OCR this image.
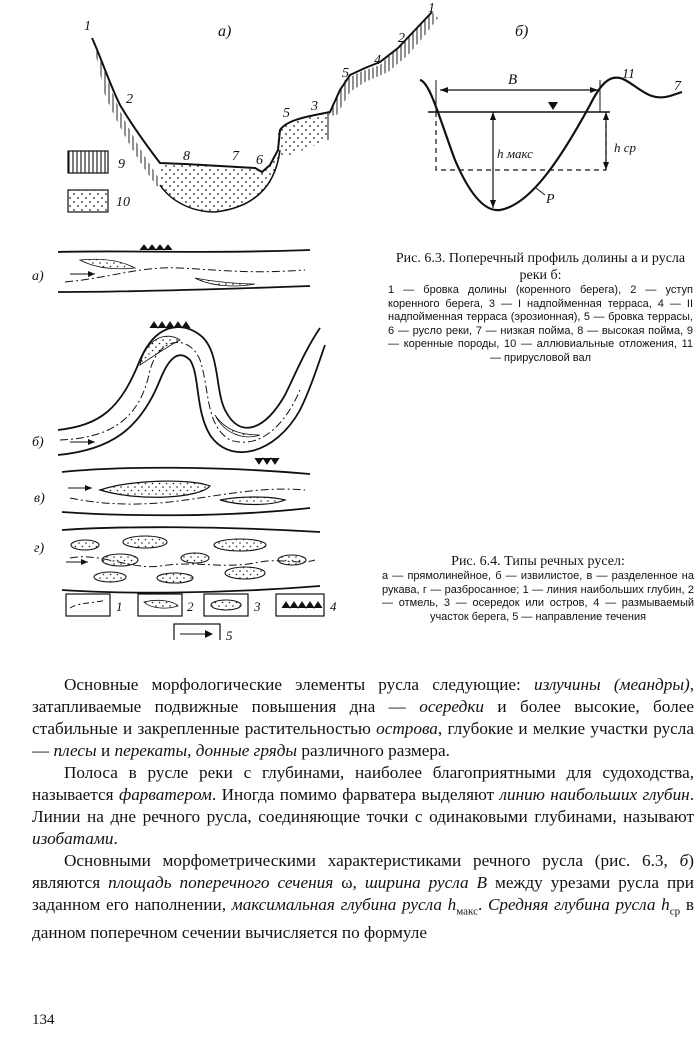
а)	б)
1
2
8	7 6
5 3
5
4
2
1
9
10
B	11
7
h макс	h ср
P
Рис. 6.3. Поперечный профиль долины а и русла реки б:
1 — бровка долины (коренного берега), 2 — уступ коренного берега, 3 — I надпойменная терраса, 4 — II надпойменная терраса (эрозионная), 5 — бровка террасы, 6 — русло реки, 7 — низкая пойма, 8 — высокая пойма, 9 — коренные породы, 10 — аллювиальные отложения, 11 — прирусловой вал
а)
б)
в)
г)
1	2	3	4
5
Рис. 6.4. Типы речных русел:
а — прямолинейное, б — извилистое, в — разделенное на рукава, г — разбросанное; 1 — линия наибольших глубин, 2 — отмель, 3 — осередок или остров, 4 — размываемый участок берега, 5 — направление течения

Основные морфологические элементы русла следующие: излучины (меандры), затапливаемые подвижные повышения дна — осередки и более высокие, более стабильные и закрепленные растительностью острова, глубокие и мелкие участки русла — плесы и перекаты, донные гряды различного размера.

Полоса в русле реки с глубинами, наиболее благоприятными для судоходства, называется фарватером. Иногда помимо фарватера выделяют линию наибольших глубин. Линии на дне речного русла, соединяющие точки с одинаковыми глубинами, называют изобатами.

Основными морфометрическими характеристиками речного русла (рис. 6.3, б) являются площадь поперечного сечения ω, ширина русла B между урезами русла при заданном его наполнении, максимальная глубина русла $h_{макс}$. Средняя глубина русла $h_{ср}$ в данном поперечном сечении вычисляется по формуле

134
